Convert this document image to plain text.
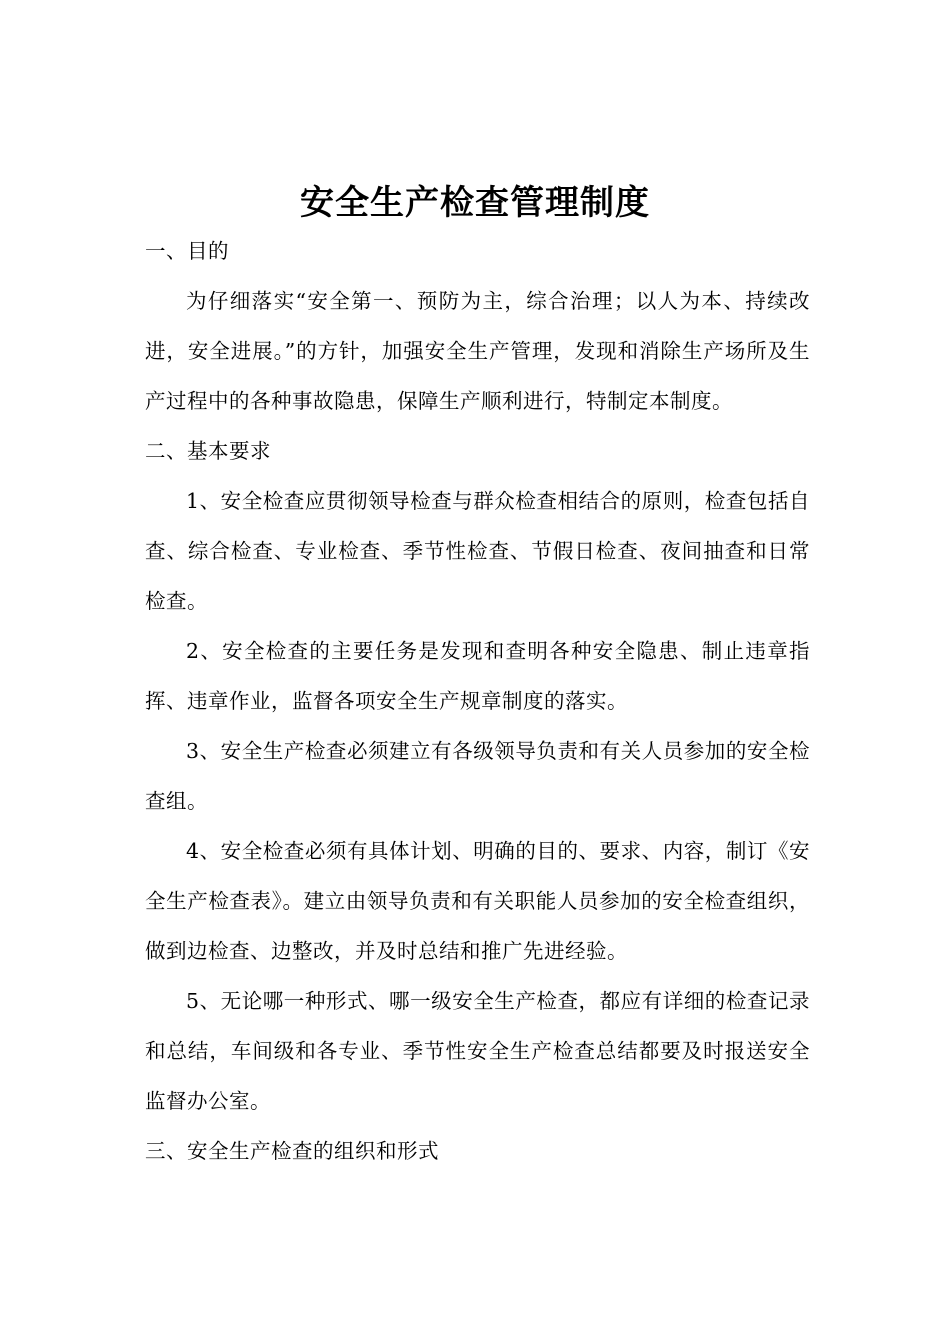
安全生产检查管理制度

一、目的

为仔细落实“安全第一、预防为主，综合治理；以人为本、持续改进，安全进展。”的方针，加强安全生产管理，发现和消除生产场所及生产过程中的各种事故隐患，保障生产顺利进行，特制定本制度。

二、基本要求

1、安全检查应贯彻领导检查与群众检查相结合的原则，检查包括自查、综合检查、专业检查、季节性检查、节假日检查、夜间抽查和日常检查。

2、安全检查的主要任务是发现和查明各种安全隐患、制止违章指挥、违章作业，监督各项安全生产规章制度的落实。

3、安全生产检查必须建立有各级领导负责和有关人员参加的安全检查组。

4、安全检查必须有具体计划、明确的目的、要求、内容，制订《安全生产检查表》。建立由领导负责和有关职能人员参加的安全检查组织，做到边检查、边整改，并及时总结和推广先进经验。

5、无论哪一种形式、哪一级安全生产检查，都应有详细的检查记录和总结，车间级和各专业、季节性安全生产检查总结都要及时报送安全监督办公室。

三、安全生产检查的组织和形式
